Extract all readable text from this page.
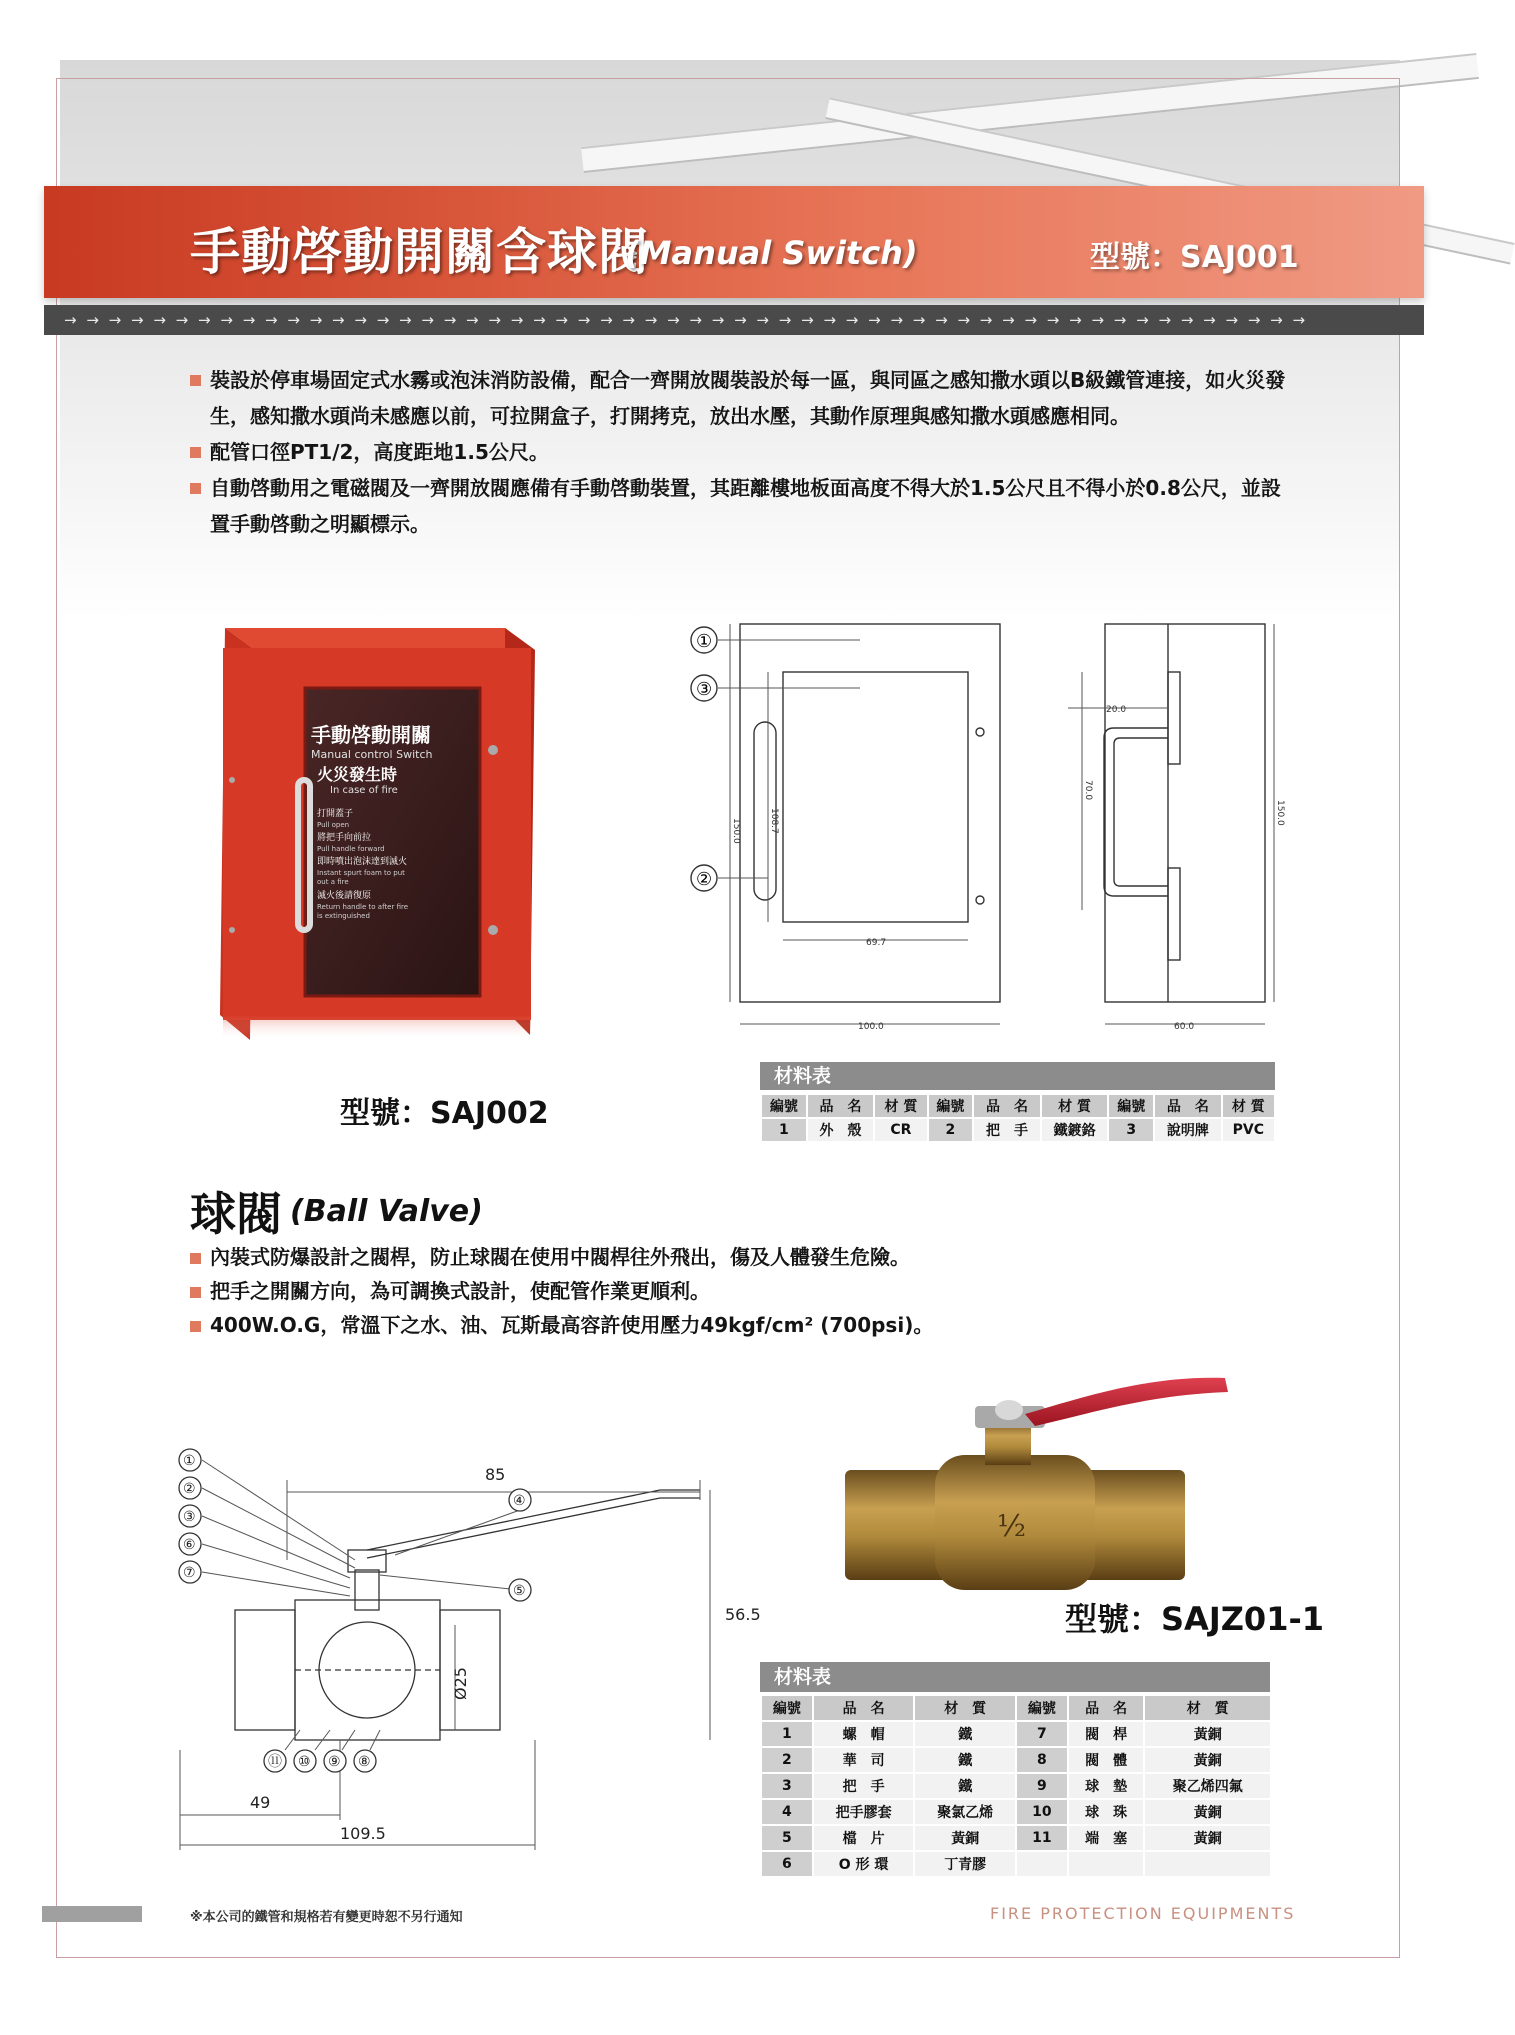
手動啓動開關含球閥
(Manual Switch)	型號：SAJ001
→ → → → → → → → → → → → → → → → → → → → → → → → → → → → → → → → → → → → → → → → → → → → → → → → → → → → → → → →
裝設於停車場固定式水霧或泡沫消防設備，配合一齊開放閥裝設於每一區，與同區之感知撒水頭以B級鐵管連接，如火災發生，感知撒水頭尚未感應以前，可拉開盒子，打開拷克，放出水壓，其動作原理與感知撒水頭感應相同。
配管口徑PT1/2，高度距地1.5公尺。
自動啓動用之電磁閥及一齊開放閥應備有手動啓動裝置，其距離樓地板面高度不得大於1.5公尺且不得小於0.8公尺，並設置手動啓動之明顯標示。
手動啓動開關
Manual control Switch
火災發生時
In case of fire
打開蓋子
Pull open
將把手向前拉
Pull handle forward
即時噴出泡沫達到滅火
Instant spurt foam to put
out a fire
滅火後請復原
Return handle to after fire
is extinguished
型號：SAJ002
①
③
②
150.0	108.7
69.7
100.0
20.0
70.0
150.0
60.0
材料表
編號	品　名	材 質	編號	品　名	材 質	編號	品　名	材 質
1	外　殼	CR	2	把　手	鐵鍍鉻	3	說明牌	PVC
球閥 (Ball Valve)
內裝式防爆設計之閥桿，防止球閥在使用中閥桿往外飛出，傷及人體發生危險。
把手之開關方向，為可調換式設計，使配管作業更順利。
400W.O.G，常溫下之水、油、瓦斯最高容許使用壓力49kgf/cm² (700psi)。
①
②
③
⑥
⑦
④
⑤
⑪ ⑩ ⑨ ⑧
85
56.5
Ø25
49
109.5
½
型號：SAJZ01-1
材料表
編號	品　名	材　質	編號	品　名	材　質
1	螺　帽	鐵	7	閥　桿	黃銅
2	華　司	鐵	8	閥　體	黃銅
3	把　手	鐵	9	球　墊	聚乙烯四氟
4	把手膠套	聚氯乙烯	10	球　珠	黃銅
5	檔　片	黃銅	11	端　塞	黃銅
6	O 形 環	丁青膠			
※本公司的鐵管和規格若有變更時恕不另行通知	FIRE PROTECTION EQUIPMENTS
